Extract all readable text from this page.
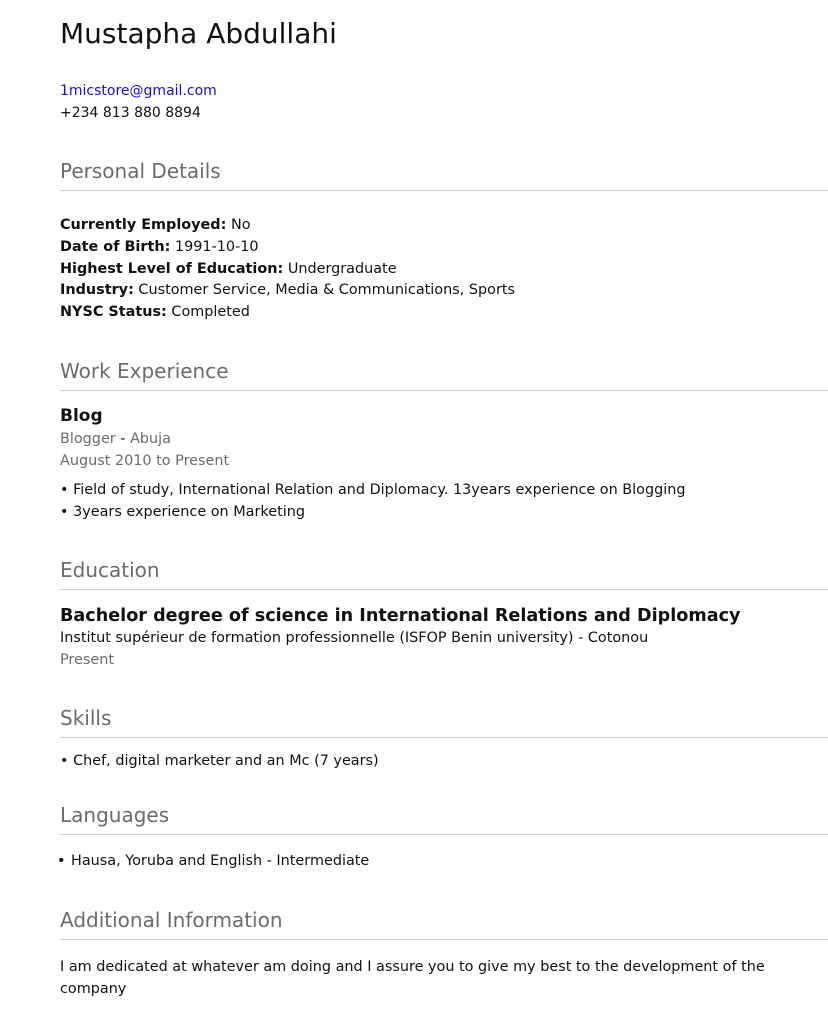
Mustapha Abdullahi
1micstore@gmail.com
+234 813 880 8894
Personal Details
Currently Employed: No
Date of Birth: 1991-10-10
Highest Level of Education: Undergraduate
Industry: Customer Service, Media & Communications, Sports
NYSC Status: Completed
Work Experience
Blog
Blogger - Abuja
August 2010 to Present
• Field of study, International Relation and Diplomacy. 13years experience on Blogging
• 3years experience on Marketing
Education
Bachelor degree of science in International Relations and Diplomacy
Institut supérieur de formation professionnelle (ISFOP Benin university) - Cotonou
Present
Skills
• Chef, digital marketer and an Mc (7 years)
Languages
• Hausa, Yoruba and English - Intermediate
Additional Information
I am dedicated at whatever am doing and I assure you to give my best to the development of the company
